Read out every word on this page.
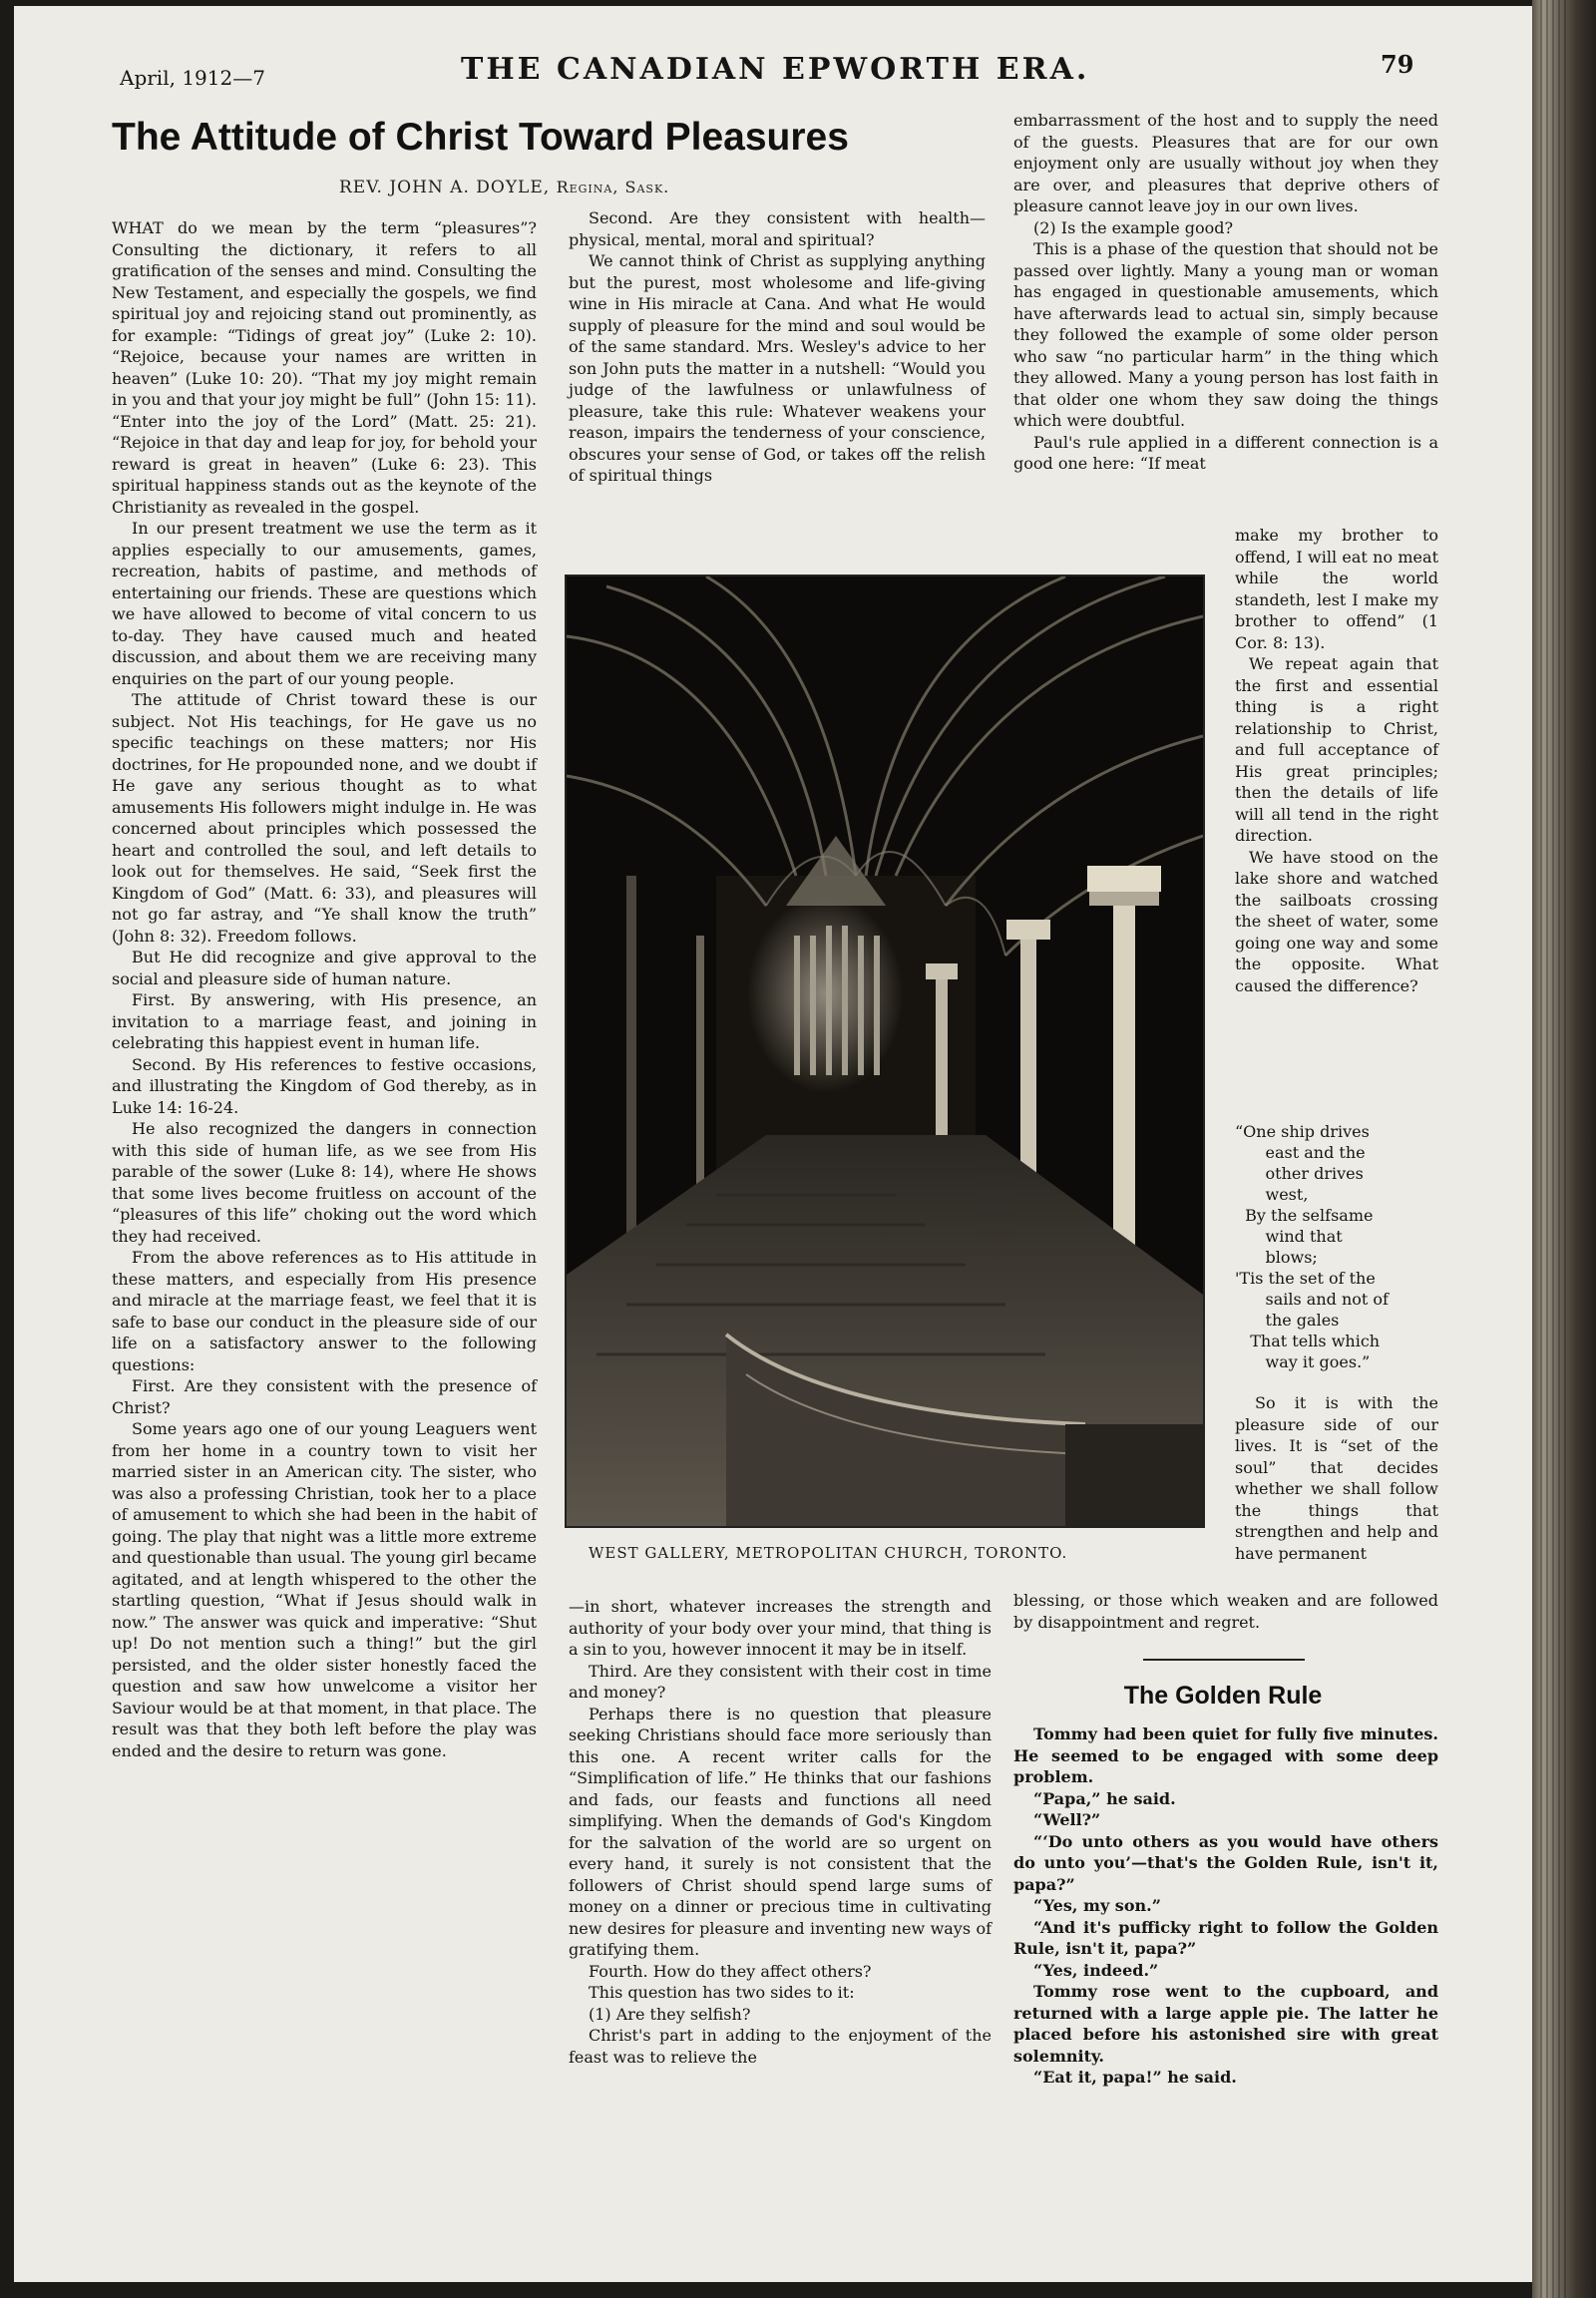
April, 1912—7	THE CANADIAN EPWORTH ERA.	79
The Attitude of Christ Toward Pleasures
REV. JOHN A. DOYLE, Regina, Sask.

WHAT do we mean by the term “pleasures”? Consulting the dictionary, it refers to all gratification of the senses and mind. Consulting the New Testament, and especially the gospels, we find spiritual joy and rejoicing stand out prominently, as for example: “Tidings of great joy” (Luke 2: 10). “Rejoice, because your names are written in heaven” (Luke 10: 20). “That my joy might remain in you and that your joy might be full” (John 15: 11). “Enter into the joy of the Lord” (Matt. 25: 21). “Rejoice in that day and leap for joy, for behold your reward is great in heaven” (Luke 6: 23). This spiritual happiness stands out as the keynote of the Christianity as revealed in the gospel.

In our present treatment we use the term as it applies especially to our amusements, games, recreation, habits of pastime, and methods of entertaining our friends. These are questions which we have allowed to become of vital concern to us to-day. They have caused much and heated discussion, and about them we are receiving many enquiries on the part of our young people.

The attitude of Christ toward these is our subject. Not His teachings, for He gave us no specific teachings on these matters; nor His doctrines, for He propounded none, and we doubt if He gave any serious thought as to what amusements His followers might indulge in. He was concerned about principles which possessed the heart and controlled the soul, and left details to look out for themselves. He said, “Seek first the Kingdom of God” (Matt. 6: 33), and pleasures will not go far astray, and “Ye shall know the truth” (John 8: 32). Freedom follows.

But He did recognize and give approval to the social and pleasure side of human nature.

First. By answering, with His presence, an invitation to a marriage feast, and joining in celebrating this happiest event in human life.

Second. By His references to festive occasions, and illustrating the Kingdom of God thereby, as in Luke 14: 16-24.

He also recognized the dangers in connection with this side of human life, as we see from His parable of the sower (Luke 8: 14), where He shows that some lives become fruitless on account of the “pleasures of this life” choking out the word which they had received.

From the above references as to His attitude in these matters, and especially from His presence and miracle at the marriage feast, we feel that it is safe to base our conduct in the pleasure side of our life on a satisfactory answer to the following questions:

First. Are they consistent with the presence of Christ?

Some years ago one of our young Leaguers went from her home in a country town to visit her married sister in an American city. The sister, who was also a professing Christian, took her to a place of amusement to which she had been in the habit of going. The play that night was a little more extreme and questionable than usual. The young girl became agitated, and at length whispered to the other the startling question, “What if Jesus should walk in now.” The answer was quick and imperative: “Shut up! Do not mention such a thing!” but the girl persisted, and the older sister honestly faced the question and saw how unwelcome a visitor her Saviour would be at that moment, in that place. The result was that they both left before the play was ended and the desire to return was gone.

Second. Are they consistent with health—physical, mental, moral and spiritual?

We cannot think of Christ as supplying anything but the purest, most wholesome and life-giving wine in His miracle at Cana. And what He would supply of pleasure for the mind and soul would be of the same standard. Mrs. Wesley's advice to her son John puts the matter in a nutshell: “Would you judge of the lawfulness or unlawfulness of pleasure, take this rule: Whatever weakens your reason, impairs the tenderness of your conscience, obscures your sense of God, or takes off the relish of spiritual things

embarrassment of the host and to supply the need of the guests. Pleasures that are for our own enjoyment only are usually without joy when they are over, and pleasures that deprive others of pleasure cannot leave joy in our own lives.

(2) Is the example good?

This is a phase of the question that should not be passed over lightly. Many a young man or woman has engaged in questionable amusements, which have afterwards lead to actual sin, simply because they followed the example of some older person who saw “no particular harm” in the thing which they allowed. Many a young person has lost faith in that older one whom they saw doing the things which were doubtful.

Paul's rule applied in a different connection is a good one here: “If meat

make my brother to offend, I will eat no meat while the world standeth, lest I make my brother to offend” (1 Cor. 8: 13).

We repeat again that the first and essential thing is a right relationship to Christ, and full acceptance of His great principles; then the details of life will all tend in the right direction.

We have stood on the lake shore and watched the sailboats crossing the sheet of water, some going one way and some the opposite. What caused the difference?

“One ship drives
east and the
other drives
west,
By the selfsame
wind that
blows;
'Tis the set of the
sails and not of
the gales
That tells which
way it goes.”

So it is with the pleasure side of our lives. It is “set of the soul” that decides whether we shall follow the things that strengthen and help and have permanent

WEST GALLERY, METROPOLITAN CHURCH, TORONTO.

—in short, whatever increases the strength and authority of your body over your mind, that thing is a sin to you, however innocent it may be in itself.

Third. Are they consistent with their cost in time and money?

Perhaps there is no question that pleasure seeking Christians should face more seriously than this one. A recent writer calls for the “Simplification of life.” He thinks that our fashions and fads, our feasts and functions all need simplifying. When the demands of God's Kingdom for the salvation of the world are so urgent on every hand, it surely is not consistent that the followers of Christ should spend large sums of money on a dinner or precious time in cultivating new desires for pleasure and inventing new ways of gratifying them.

Fourth. How do they affect others?

This question has two sides to it:

(1) Are they selfish?

Christ's part in adding to the enjoyment of the feast was to relieve the

blessing, or those which weaken and are followed by disappointment and regret.

The Golden Rule

Tommy had been quiet for fully five minutes. He seemed to be engaged with some deep problem.

“Papa,” he said.

“Well?”

“‘Do unto others as you would have others do unto you’—that's the Golden Rule, isn't it, papa?”

“Yes, my son.”

“And it's pufficky right to follow the Golden Rule, isn't it, papa?”

“Yes, indeed.”

Tommy rose went to the cupboard, and returned with a large apple pie. The latter he placed before his astonished sire with great solemnity.

“Eat it, papa!” he said.
